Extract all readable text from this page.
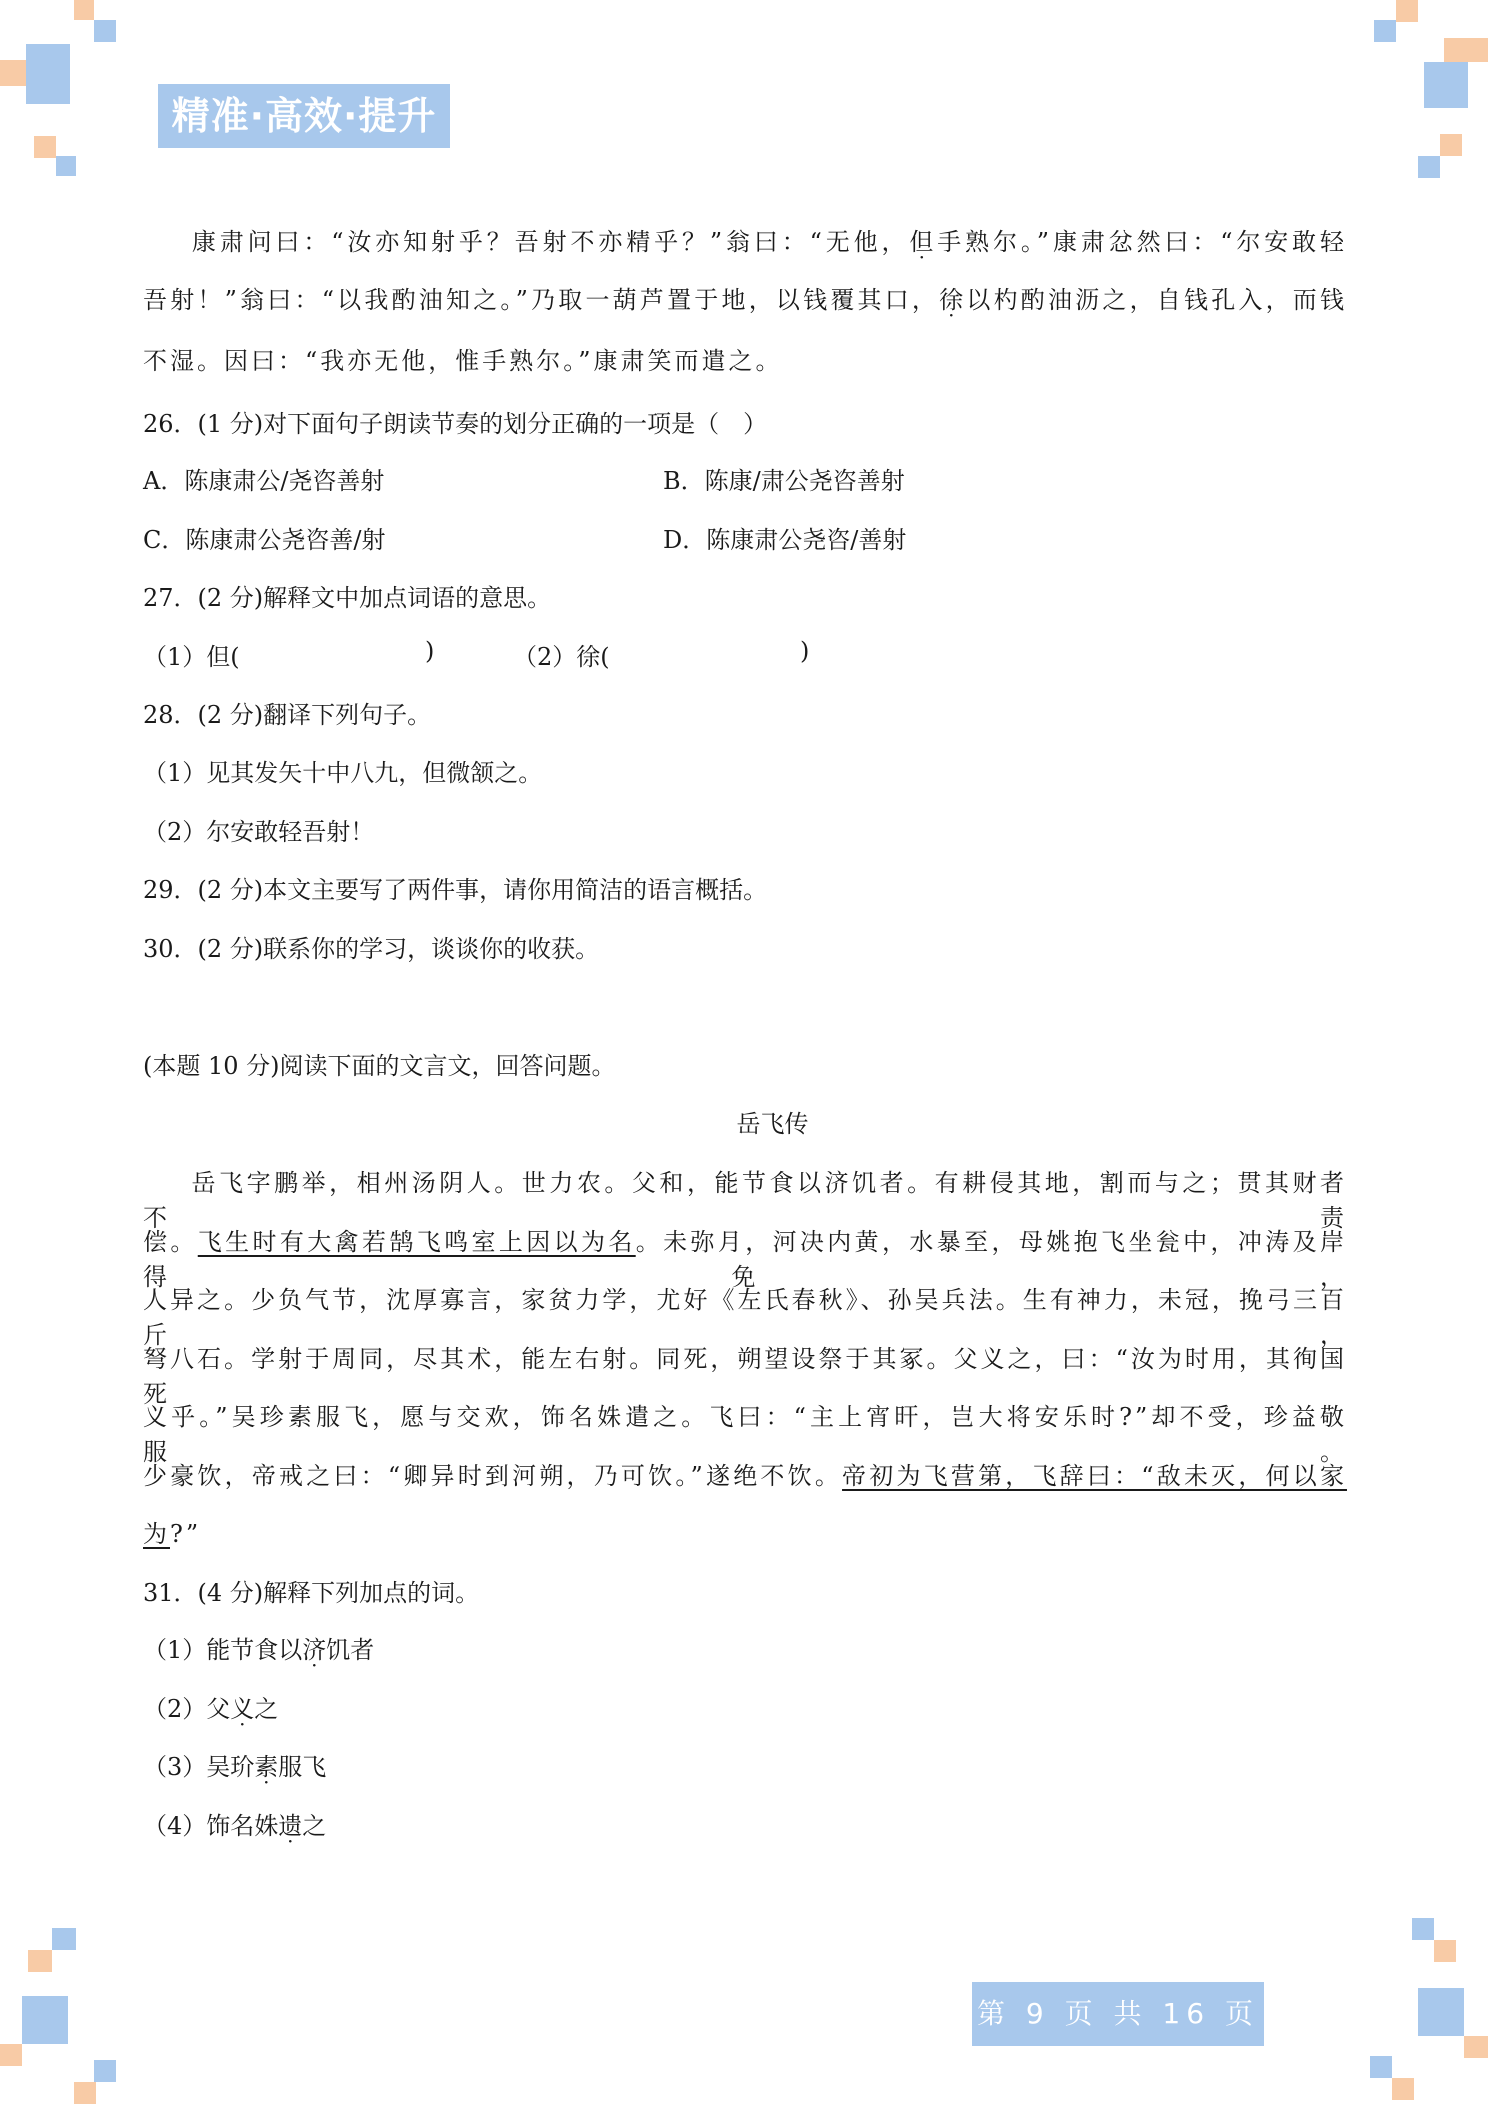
精准·高效·提升
康肃问曰：“汝亦知射乎？吾射不亦精乎？”翁曰：“无他，但手熟尔。”康肃忿然曰：“尔安敢轻
吾射！”翁曰：“以我酌油知之。”乃取一葫芦置于地，以钱覆其口，徐以杓酌油沥之，自钱孔入，而钱
不湿。因曰：“我亦无他，惟手熟尔。”康肃笑而遣之。
26．(1 分)对下面句子朗读节奏的划分正确的一项是（　）
A．陈康肃公/尧咨善射	B．陈康/肃公尧咨善射
C．陈康肃公尧咨善/射	D．陈康肃公尧咨/善射
27．(2 分)解释文中加点词语的意思。
（1）但(	)	（2）徐(	)
28．(2 分)翻译下列句子。
（1）见其发矢十中八九，但微颔之。
（2）尔安敢轻吾射！
29．(2 分)本文主要写了两件事，请你用简洁的语言概括。
30．(2 分)联系你的学习，谈谈你的收获。
(本题 10 分)阅读下面的文言文，回答问题。
岳飞传
岳飞字鹏举，相州汤阴人。世力农。父和，能节食以济饥者。有耕侵其地，割而与之；贯其财者不责
偿。飞生时有大禽若鹄飞鸣室上因以为名。未弥月，河决内黄，水暴至，母姚抱飞坐瓮中，冲涛及岸得免，
人异之。少负气节，沈厚寡言，家贫力学，尤好《左氏春秋》、孙吴兵法。生有神力，未冠，挽弓三百斤，
弩八石。学射于周同，尽其术，能左右射。同死，朔望设祭于其冢。父义之，曰：“汝为时用，其徇国死
义乎。”吴珍素服飞，愿与交欢，饰名姝遣之。飞曰：“主上宵旰，岂大将安乐时?”却不受，珍益敬服。
少豪饮，帝戒之曰：“卿异时到河朔，乃可饮。”遂绝不饮。帝初为飞营第，飞辞曰：“敌未灭，何以家
为?”
31．(4 分)解释下列加点的词。
（1）能节食以济饥者
（2）父义之
（3）吴玠素服飞
（4）饰名姝遗之
第 9 页 共 16 页
